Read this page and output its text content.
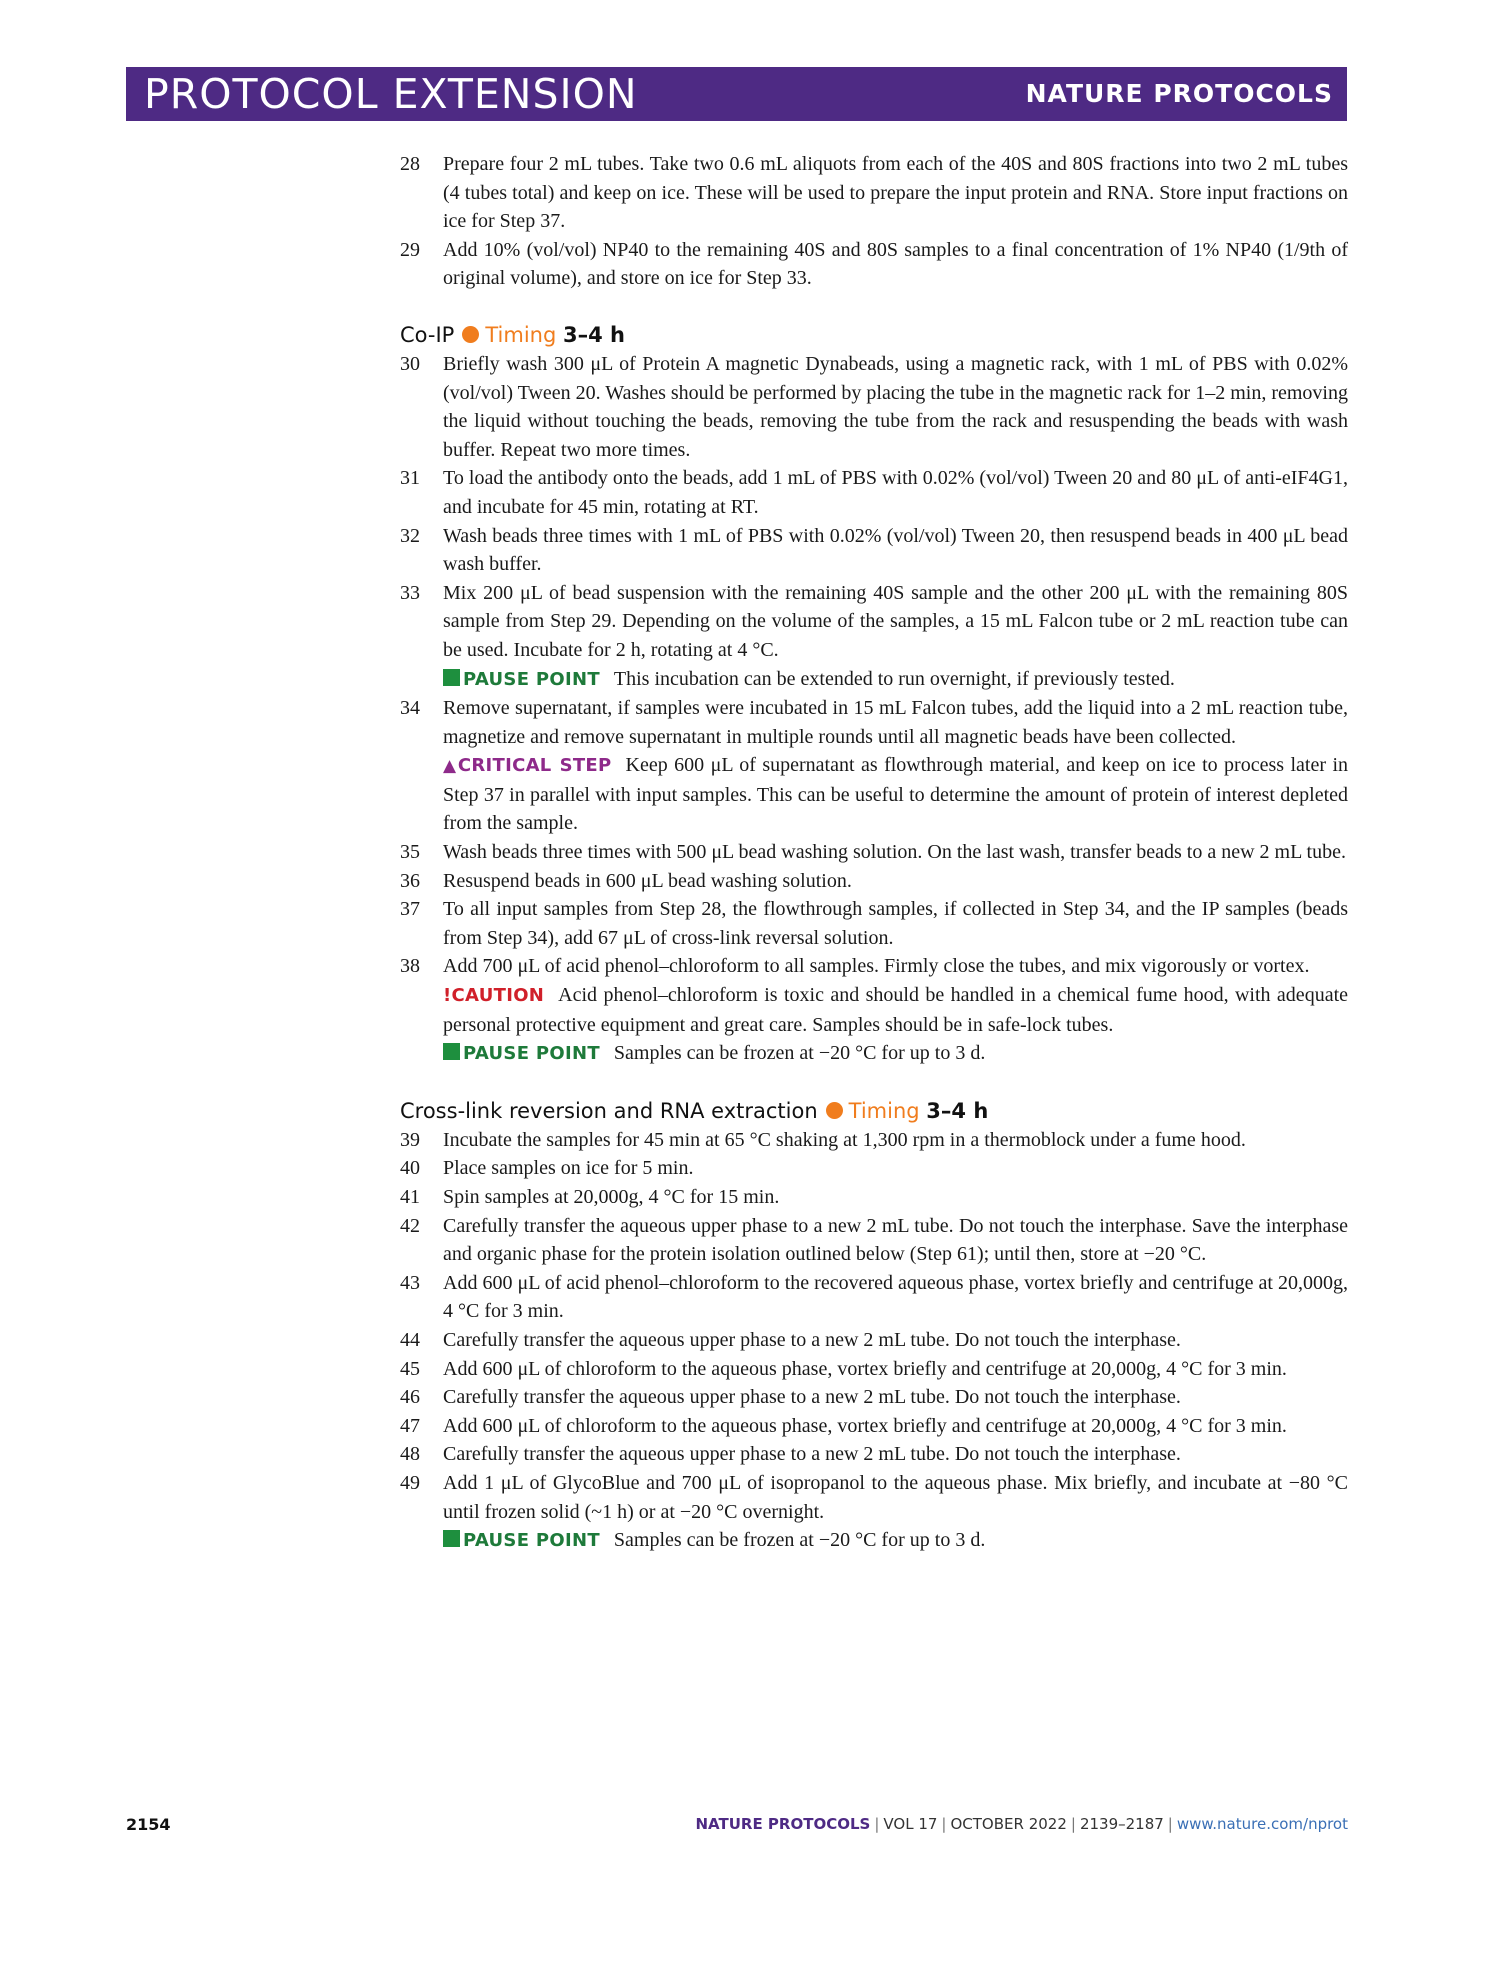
PROTOCOL EXTENSION	NATURE PROTOCOLS
28	Prepare four 2 mL tubes. Take two 0.6 mL aliquots from each of the 40S and 80S fractions into two 2 mL tubes (4 tubes total) and keep on ice. These will be used to prepare the input protein and RNA. Store input fractions on ice for Step 37.
29	Add 10% (vol/vol) NP40 to the remaining 40S and 80S samples to a final concentration of 1% NP40 (1/9th of original volume), and store on ice for Step 33.
Co-IP Timing 3–4 h
30	Briefly wash 300 μL of Protein A magnetic Dynabeads, using a magnetic rack, with 1 mL of PBS with 0.02% (vol/vol) Tween 20. Washes should be performed by placing the tube in the magnetic rack for 1–2 min, removing the liquid without touching the beads, removing the tube from the rack and resuspending the beads with wash buffer. Repeat two more times.
31	To load the antibody onto the beads, add 1 mL of PBS with 0.02% (vol/vol) Tween 20 and 80 μL of anti-eIF4G1, and incubate for 45 min, rotating at RT.
32	Wash beads three times with 1 mL of PBS with 0.02% (vol/vol) Tween 20, then resuspend beads in 400 μL bead wash buffer.
33	Mix 200 μL of bead suspension with the remaining 40S sample and the other 200 μL with the remaining 80S sample from Step 29. Depending on the volume of the samples, a 15 mL Falcon tube or 2 mL reaction tube can be used. Incubate for 2 h, rotating at 4 °C.
PAUSE POINT This incubation can be extended to run overnight, if previously tested.
34	Remove supernatant, if samples were incubated in 15 mL Falcon tubes, add the liquid into a 2 mL reaction tube, magnetize and remove supernatant in multiple rounds until all magnetic beads have been collected.
▲CRITICAL STEP Keep 600 μL of supernatant as flowthrough material, and keep on ice to process later in Step 37 in parallel with input samples. This can be useful to determine the amount of protein of interest depleted from the sample.
35	Wash beads three times with 500 μL bead washing solution. On the last wash, transfer beads to a new 2 mL tube.
36	Resuspend beads in 600 μL bead washing solution.
37	To all input samples from Step 28, the flowthrough samples, if collected in Step 34, and the IP samples (beads from Step 34), add 67 μL of cross-link reversal solution.
38	Add 700 μL of acid phenol–chloroform to all samples. Firmly close the tubes, and mix vigorously or vortex.
!CAUTION Acid phenol–chloroform is toxic and should be handled in a chemical fume hood, with adequate personal protective equipment and great care. Samples should be in safe-lock tubes.
PAUSE POINT Samples can be frozen at −20 °C for up to 3 d.
Cross-link reversion and RNA extraction Timing 3–4 h
39	Incubate the samples for 45 min at 65 °C shaking at 1,300 rpm in a thermoblock under a fume hood.
40	Place samples on ice for 5 min.
41	Spin samples at 20,000g, 4 °C for 15 min.
42	Carefully transfer the aqueous upper phase to a new 2 mL tube. Do not touch the interphase. Save the interphase and organic phase for the protein isolation outlined below (Step 61); until then, store at −20 °C.
43	Add 600 μL of acid phenol–chloroform to the recovered aqueous phase, vortex briefly and centrifuge at 20,000g, 4 °C for 3 min.
44	Carefully transfer the aqueous upper phase to a new 2 mL tube. Do not touch the interphase.
45	Add 600 μL of chloroform to the aqueous phase, vortex briefly and centrifuge at 20,000g, 4 °C for 3 min.
46	Carefully transfer the aqueous upper phase to a new 2 mL tube. Do not touch the interphase.
47	Add 600 μL of chloroform to the aqueous phase, vortex briefly and centrifuge at 20,000g, 4 °C for 3 min.
48	Carefully transfer the aqueous upper phase to a new 2 mL tube. Do not touch the interphase.
49	Add 1 μL of GlycoBlue and 700 μL of isopropanol to the aqueous phase. Mix briefly, and incubate at −80 °C until frozen solid (~1 h) or at −20 °C overnight.
PAUSE POINT Samples can be frozen at −20 °C for up to 3 d.
2154	NATURE PROTOCOLS | VOL 17 | OCTOBER 2022 | 2139–2187 | www.nature.com/nprot
